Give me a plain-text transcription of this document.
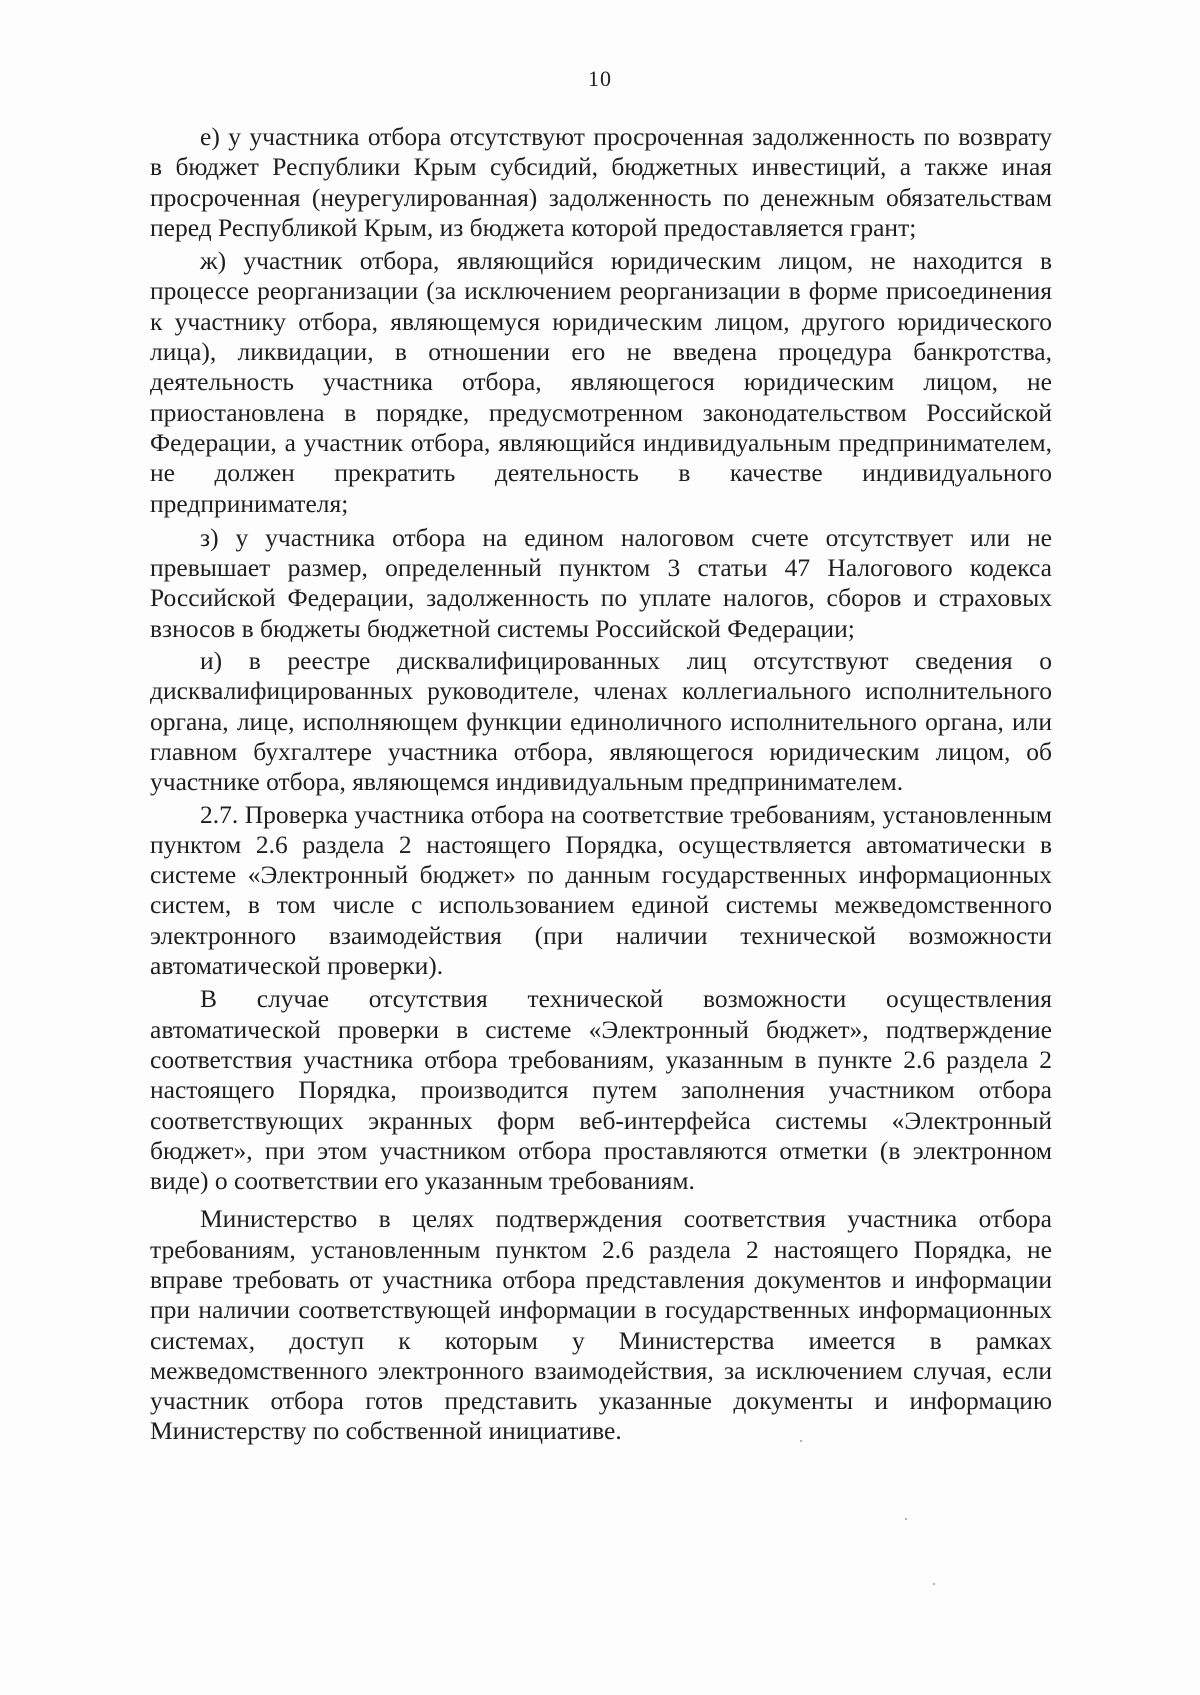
10

е) у участника отбора отсутствуют просроченная задолженность по возврату в бюджет Республики Крым субсидий, бюджетных инвестиций, а также иная просроченная (неурегулированная) задолженность по денежным обязательствам перед Республикой Крым, из бюджета которой предоставляется грант;

ж) участник отбора, являющийся юридическим лицом, не находится в процессе реорганизации (за исключением реорганизации в форме присоединения к участнику отбора, являющемуся юридическим лицом, другого юридического лица), ликвидации, в отношении его не введена процедура банкротства, деятельность участника отбора, являющегося юридическим лицом, не приостановлена в порядке, предусмотренном законодательством Российской Федерации, а участник отбора, являющийся индивидуальным предпринимателем, не должен прекратить деятельность в качестве индивидуального предпринимателя;

з) у участника отбора на едином налоговом счете отсутствует или не превышает размер, определенный пунктом 3 статьи 47 Налогового кодекса Российской Федерации, задолженность по уплате налогов, сборов и страховых взносов в бюджеты бюджетной системы Российской Федерации;

и) в реестре дисквалифицированных лиц отсутствуют сведения о дисквалифицированных руководителе, членах коллегиального исполнительного органа, лице, исполняющем функции единоличного исполнительного органа, или главном бухгалтере участника отбора, являющегося юридическим лицом, об участнике отбора, являющемся индивидуальным предпринимателем.

2.7. Проверка участника отбора на соответствие требованиям, установленным пунктом 2.6 раздела 2 настоящего Порядка, осуществляется автоматически в системе «Электронный бюджет» по данным государственных информационных систем, в том числе с использованием единой системы межведомственного электронного взаимодействия (при наличии технической возможности автоматической проверки).

В случае отсутствия технической возможности осуществления автоматической проверки в системе «Электронный бюджет», подтверждение соответствия участника отбора требованиям, указанным в пункте 2.6 раздела 2 настоящего Порядка, производится путем заполнения участником отбора соответствующих экранных форм веб-интерфейса системы «Электронный бюджет», при этом участником отбора проставляются отметки (в электронном виде) о соответствии его указанным требованиям.

Министерство в целях подтверждения соответствия участника отбора требованиям, установленным пунктом 2.6 раздела 2 настоящего Порядка, не вправе требовать от участника отбора представления документов и информации при наличии соответствующей информации в государственных информационных системах, доступ к которым у Министерства имеется в рамках межведомственного электронного взаимодействия, за исключением случая, если участник отбора готов представить указанные документы и информацию Министерству по собственной инициативе.
